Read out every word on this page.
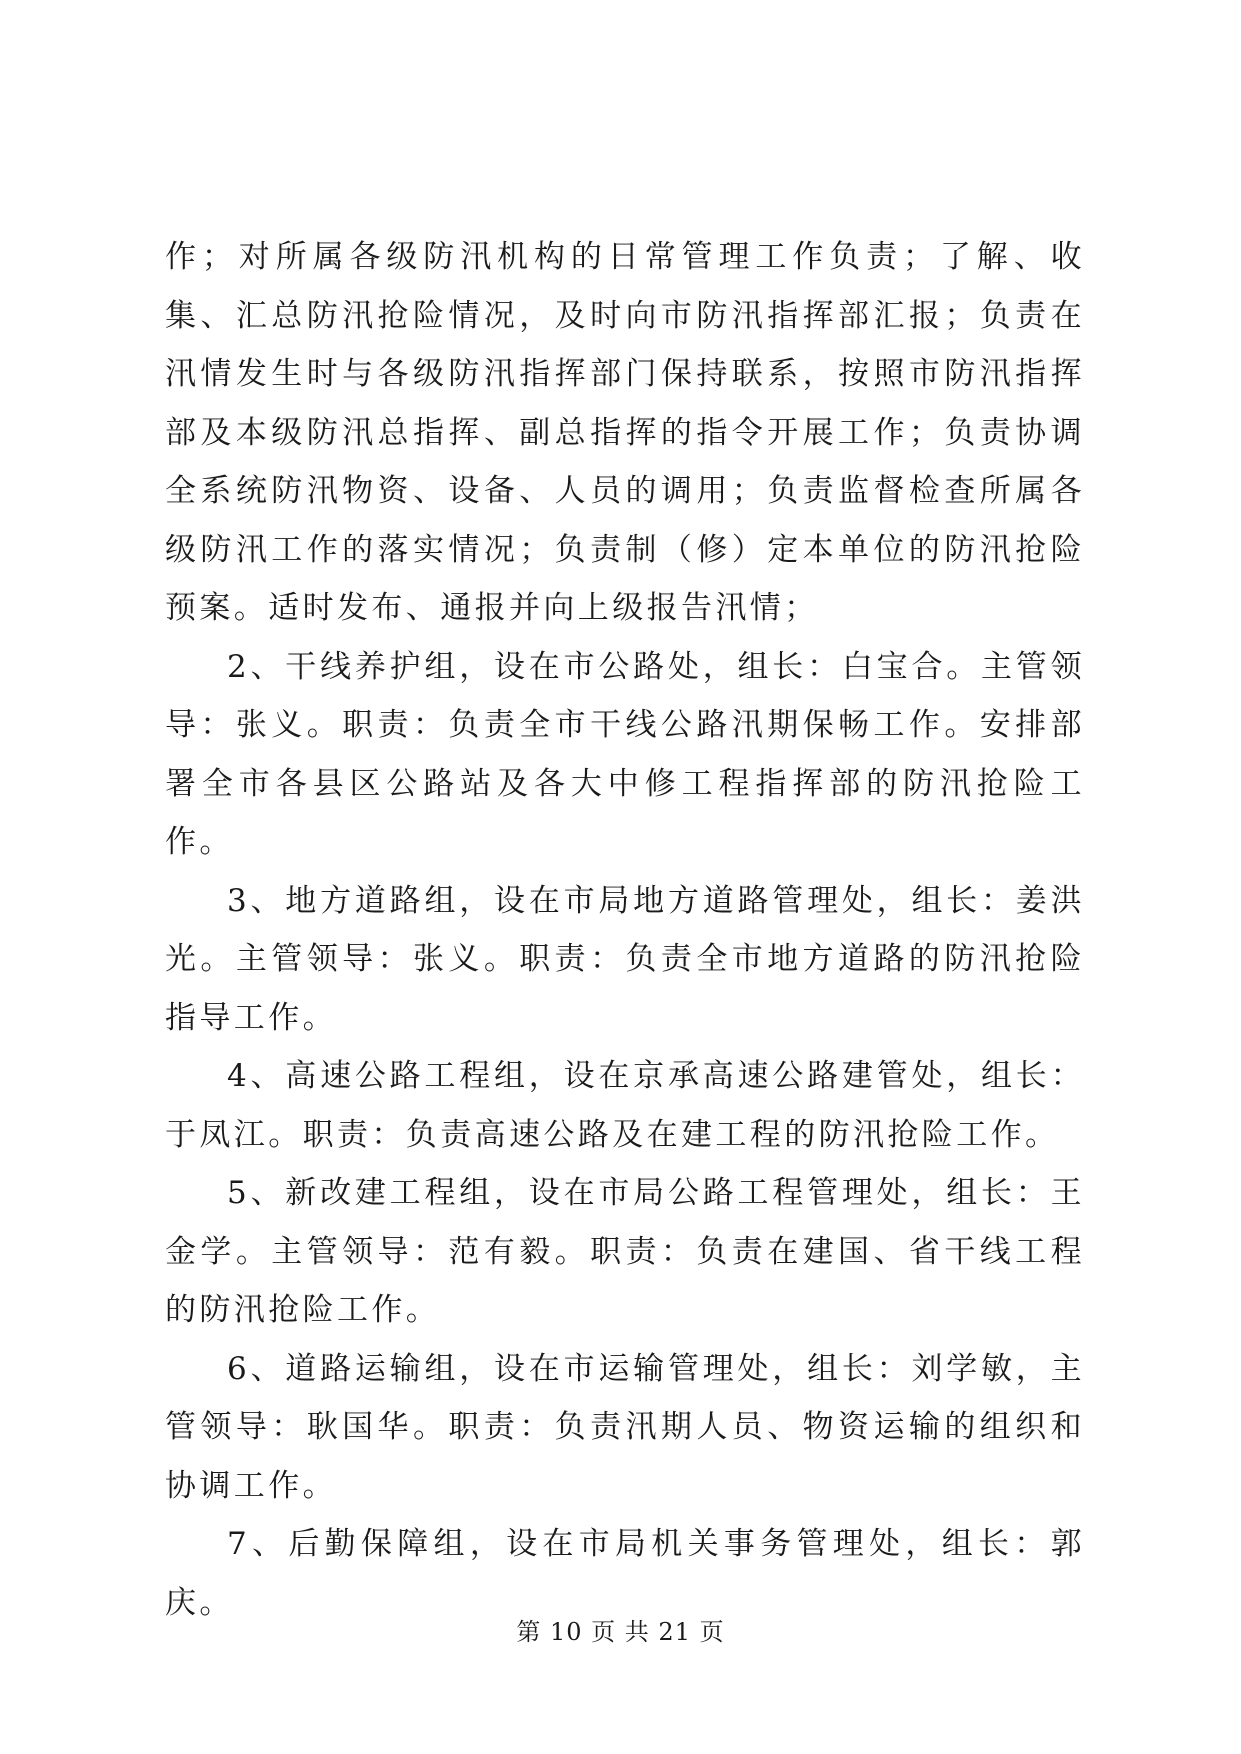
作；对所属各级防汛机构的日常管理工作负责；了解、收集、汇总防汛抢险情况，及时向市防汛指挥部汇报；负责在汛情发生时与各级防汛指挥部门保持联系，按照市防汛指挥部及本级防汛总指挥、副总指挥的指令开展工作；负责协调全系统防汛物资、设备、人员的调用；负责监督检查所属各级防汛工作的落实情况；负责制（修）定本单位的防汛抢险预案。适时发布、通报并向上级报告汛情；

2、干线养护组，设在市公路处，组长：白宝合。主管领导：张义。职责：负责全市干线公路汛期保畅工作。安排部署全市各县区公路站及各大中修工程指挥部的防汛抢险工作。

3、地方道路组，设在市局地方道路管理处，组长：姜洪光。主管领导：张义。职责：负责全市地方道路的防汛抢险指导工作。

4、高速公路工程组，设在京承高速公路建管处，组长：于凤江。职责：负责高速公路及在建工程的防汛抢险工作。

5、新改建工程组，设在市局公路工程管理处，组长：王金学。主管领导：范有毅。职责：负责在建国、省干线工程的防汛抢险工作。

6、道路运输组，设在市运输管理处，组长：刘学敏，主管领导：耿国华。职责：负责汛期人员、物资运输的组织和协调工作。

7、后勤保障组，设在市局机关事务管理处，组长：郭庆。

第 10 页 共 21 页
